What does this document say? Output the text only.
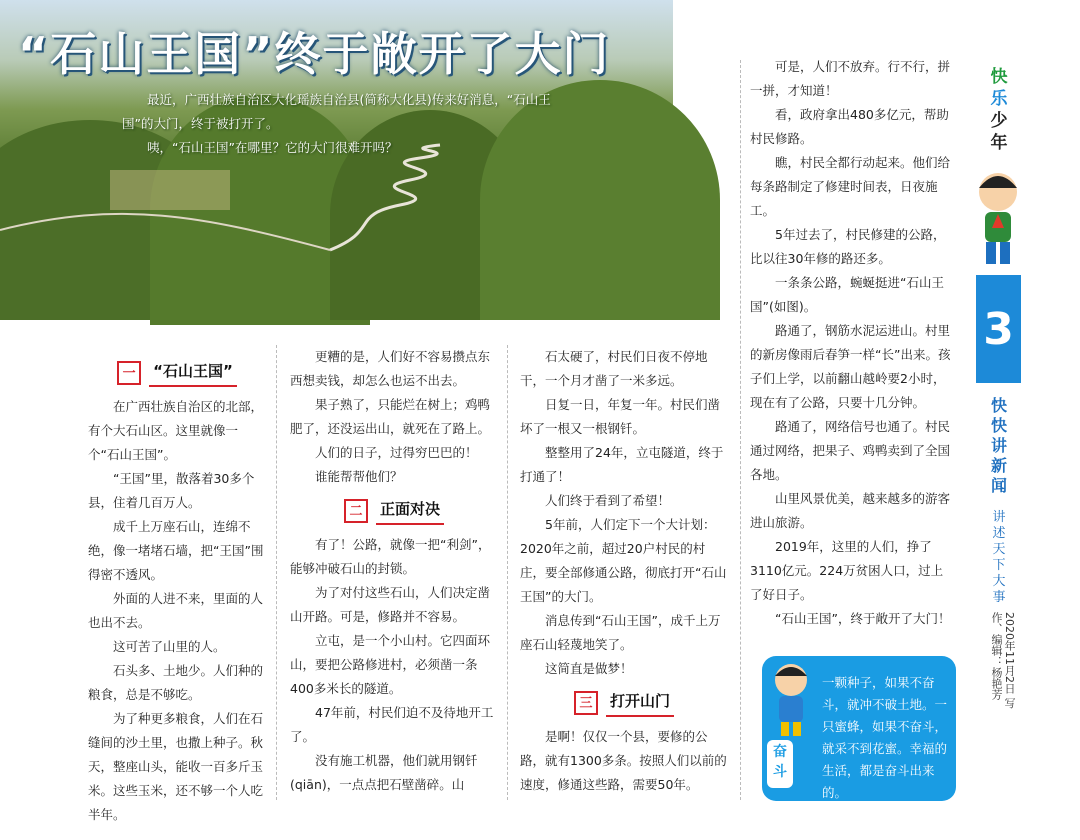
“石山王国”终于敞开了大门

最近，广西壮族自治区大化瑶族自治县(简称大化县)传来好消息，“石山王国”的大门，终于被打开了。

咦，“石山王国”在哪里？它的大门很难开吗？

一	“石山王国”

在广西壮族自治区的北部，有个大石山区。这里就像一个“石山王国”。

“王国”里，散落着30多个县，住着几百万人。

成千上万座石山，连绵不绝，像一堵堵石墙，把“王国”围得密不透风。

外面的人进不来，里面的人也出不去。

这可苦了山里的人。

石头多、土地少。人们种的粮食，总是不够吃。

为了种更多粮食，人们在石缝间的沙土里，也撒上种子。秋天，整座山头，能收一百多斤玉米。这些玉米，还不够一个人吃半年。

更糟的是，人们好不容易攒点东西想卖钱，却怎么也运不出去。

果子熟了，只能烂在树上；鸡鸭肥了，还没运出山，就死在了路上。

人们的日子，过得穷巴巴的！

谁能帮帮他们？

二	正面对决

有了！公路，就像一把“利剑”，能够冲破石山的封锁。

为了对付这些石山，人们决定凿山开路。可是，修路并不容易。

立屯，是一个小山村。它四面环山，要把公路修进村，必须凿一条400多米长的隧道。

47年前，村民们迫不及待地开工了。

没有施工机器，他们就用钢钎(qiān)，一点点把石壁凿碎。山

石太硬了，村民们日夜不停地干，一个月才凿了一米多远。

日复一日，年复一年。村民们凿坏了一根又一根钢钎。

整整用了24年，立屯隧道，终于打通了！

人们终于看到了希望！

5年前，人们定下一个大计划：2020年之前，超过20户村民的村庄，要全部修通公路，彻底打开“石山王国”的大门。

消息传到“石山王国”，成千上万座石山轻蔑地笑了。

这简直是做梦！

三	打开山门

是啊！仅仅一个县，要修的公路，就有1300多条。按照人们以前的速度，修通这些路，需要50年。

可是，人们不放弃。行不行，拼一拼，才知道！

看，政府拿出480多亿元，帮助村民修路。

瞧，村民全都行动起来。他们给每条路制定了修建时间表，日夜施工。

5年过去了，村民修建的公路，比以往30年修的路还多。

一条条公路，蜿蜒挺进“石山王国”(如图)。

路通了，钢筋水泥运进山。村里的新房像雨后春笋一样“长”出来。孩子们上学，以前翻山越岭要2小时，现在有了公路，只要十几分钟。

路通了，网络信号也通了。村民通过网络，把果子、鸡鸭卖到了全国各地。

山里风景优美，越来越多的游客进山旅游。

2019年，这里的人们，挣了3110亿元。224万贫困人口，过上了好日子。

“石山王国”，终于敞开了大门！

一颗种子，如果不奋斗，就冲不破土地。一只蜜蜂，如果不奋斗，就采不到花蜜。幸福的生活，都是奋斗出来的。
奋斗
快
乐
少
年
3
快快讲新闻
讲述天下大事
2020年11月2日 写作、编辑：杨艳芳
